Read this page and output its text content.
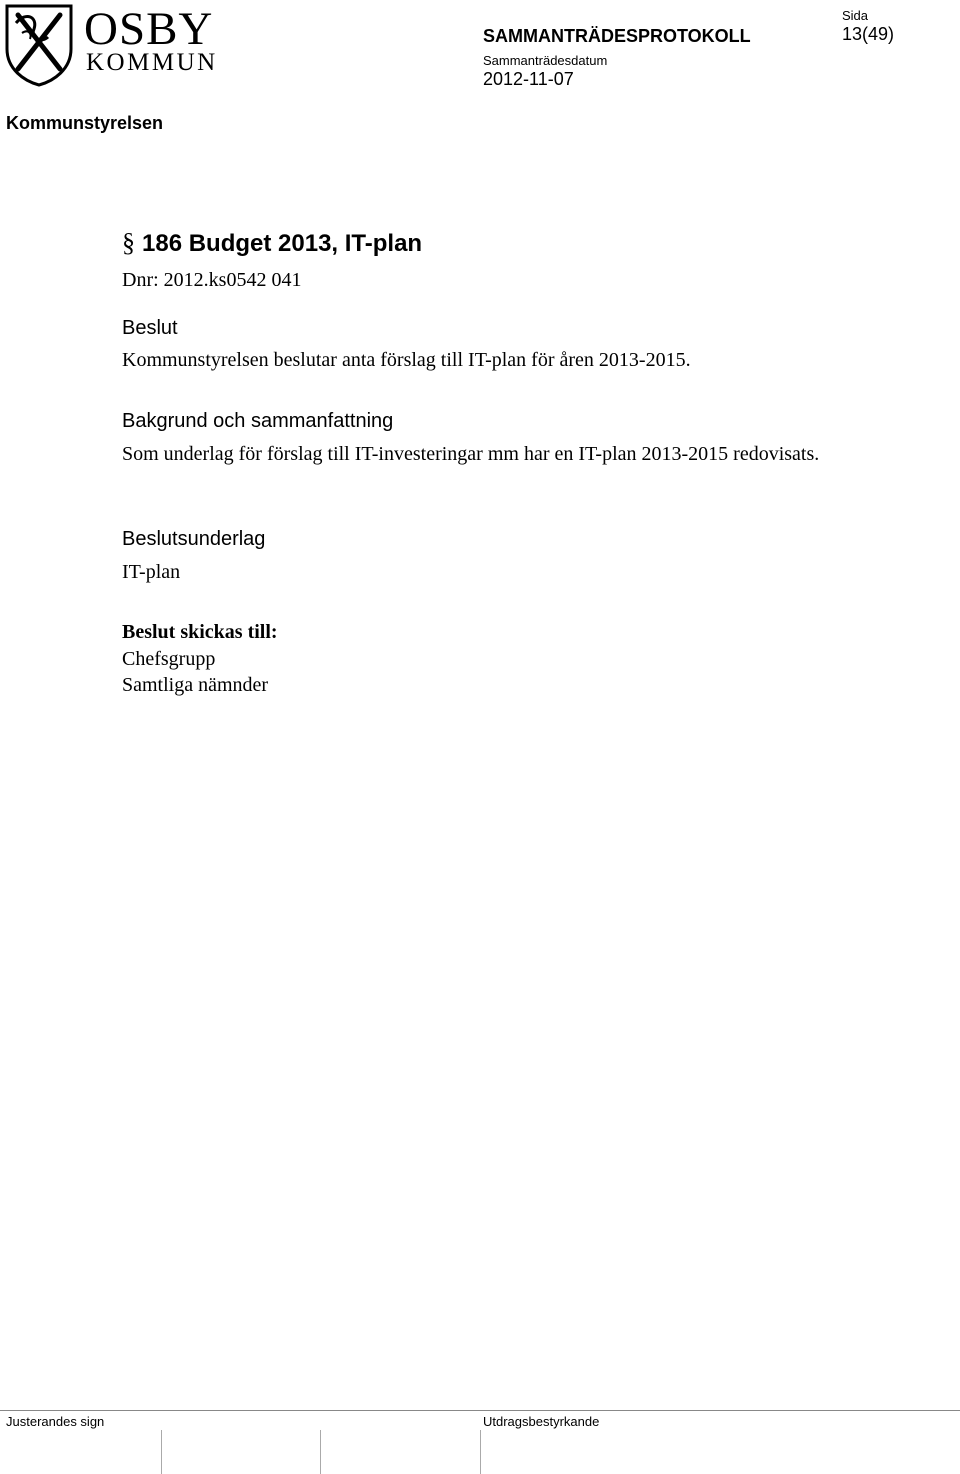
OSBY
KOMMUN
SAMMANTRÄDESPROTOKOLL
Sammanträdesdatum
2012-11-07
Sida
13(49)
Kommunstyrelsen
§ 186 Budget 2013, IT-plan
Dnr: 2012.ks0542 041
Beslut
Kommunstyrelsen beslutar anta förslag till IT-plan för åren 2013-2015.
Bakgrund och sammanfattning
Som underlag för förslag till IT-investeringar mm har en IT-plan 2013-2015 redovisats.
Beslutsunderlag
IT-plan
Beslut skickas till:
Chefsgrupp
Samtliga nämnder
Justerandes sign	Utdragsbestyrkande
